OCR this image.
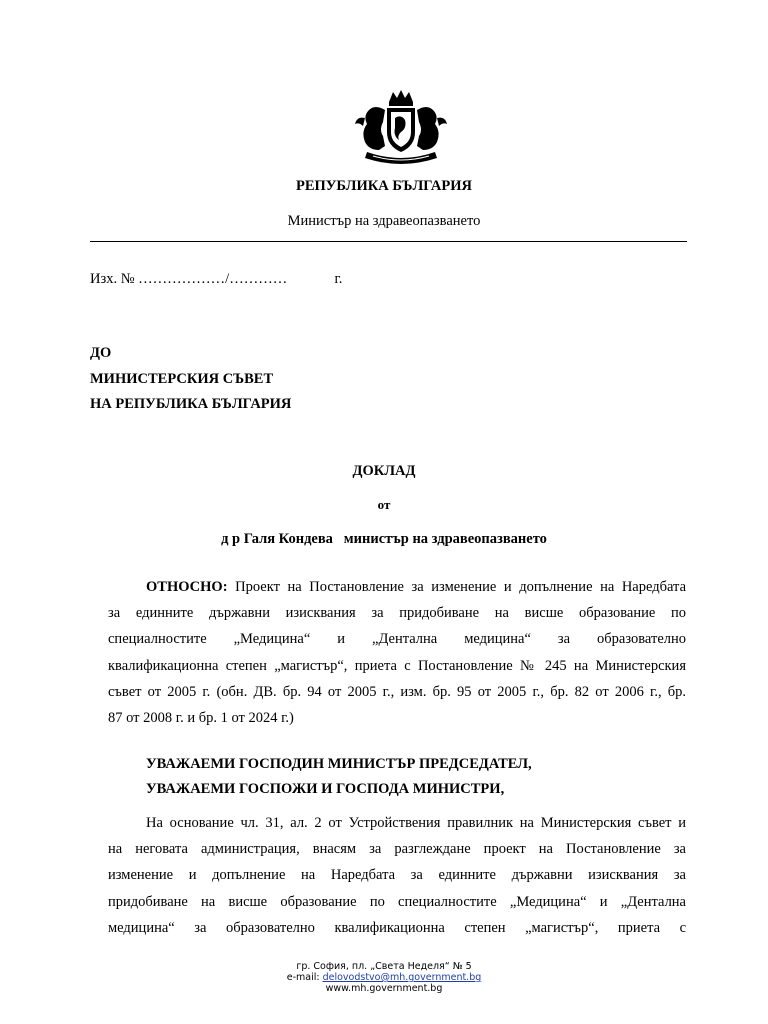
РЕПУБЛИКА БЪЛГАРИЯ
Министър на здравеопазването
Изх. № ………………/…………	г.
ДО
МИНИСТЕРСКИЯ СЪВЕТ
НА РЕПУБЛИКА БЪЛГАРИЯ
ДОКЛАД
от
д р Галя Кондева   министър на здравеопазването
ОТНОСНО: Проект на Постановление за изменение и допълнение на Наредбата
за единните държавни изисквания за придобиване на висше образование по
специалностите „Медицина“ и „Дентална медицина“ за образователно
квалификационна степен „магистър“, приета с Постановление № 245 на Министерския
съвет от 2005 г. (обн. ДВ. бр. 94 от 2005 г., изм. бр. 95 от 2005 г., бр. 82 от 2006 г., бр.
87 от 2008 г. и бр. 1 от 2024 г.)
УВАЖАЕМИ ГОСПОДИН МИНИСТЪР ПРЕДСЕДАТЕЛ,
УВАЖАЕМИ ГОСПОЖИ И ГОСПОДА МИНИСТРИ,
На основание чл. 31, ал. 2 от Устройствения правилник на Министерския съвет и
на неговата администрация, внасям за разглеждане проект на Постановление за
изменение и допълнение на Наредбата за единните държавни изисквания за
придобиване на висше образование по специалностите „Медицина“ и „Дентална
медицина“ за образователно квалификационна степен „магистър“, приета с
гр. София, пл. „Света Неделя“ № 5
e-mail: delovodstvo@mh.government.bg
www.mh.government.bg
